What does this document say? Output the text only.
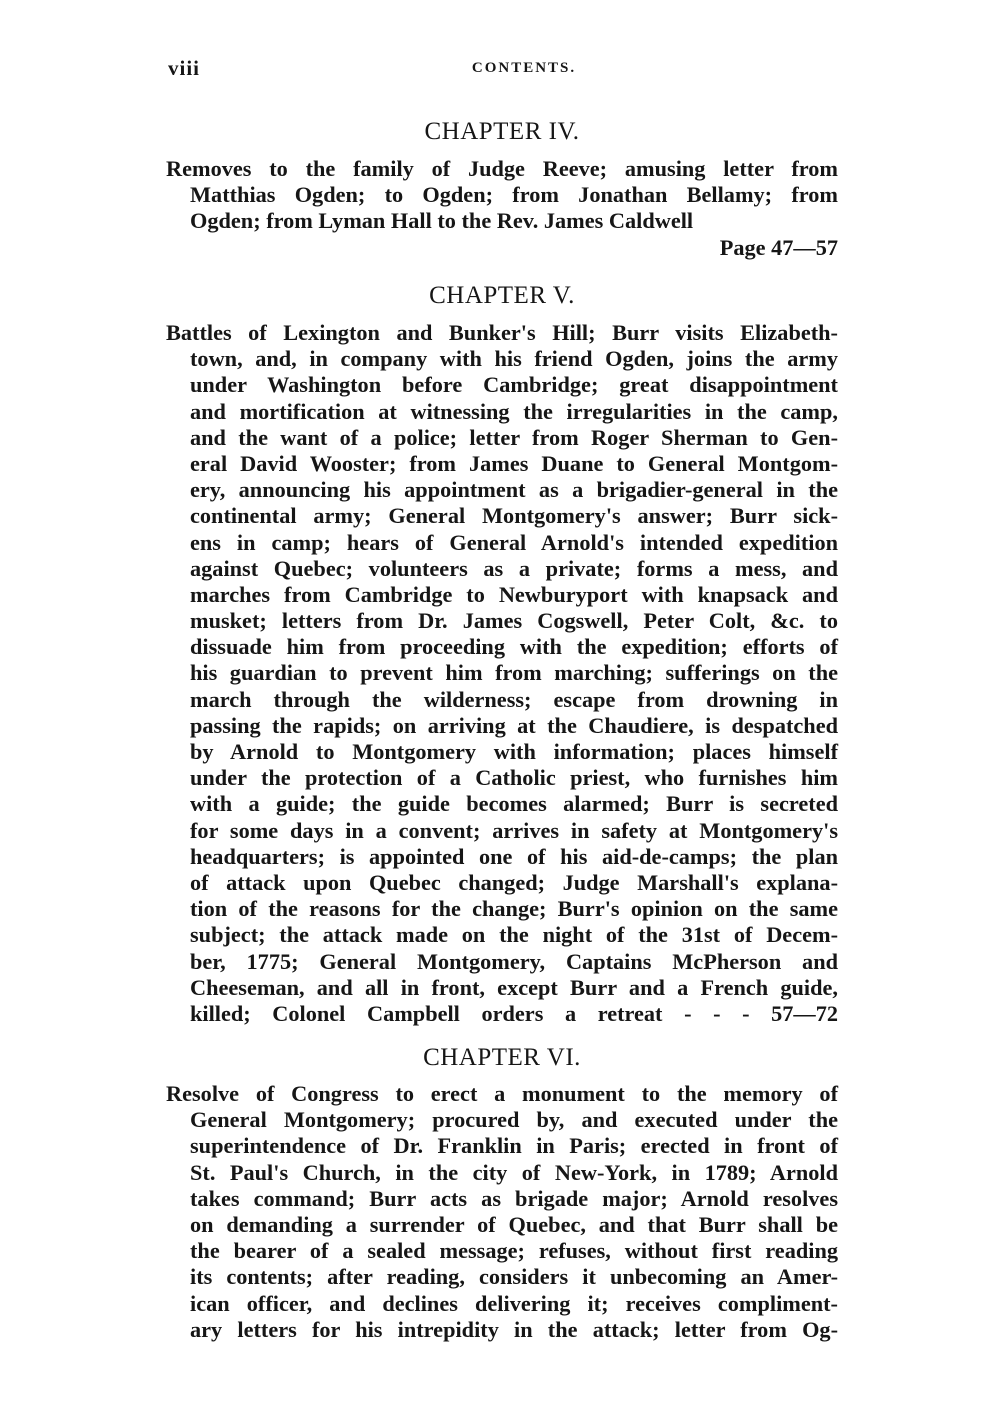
viii	CONTENTS.
CHAPTER IV.
Removes to the family of Judge Reeve; amusing letter from
Matthias Ogden; to Ogden; from Jonathan Bellamy; from
Ogden; from Lyman Hall to the Rev. James Caldwell
Page 47—57
CHAPTER V.
Battles of Lexington and Bunker's Hill; Burr visits Elizabeth-
town, and, in company with his friend Ogden, joins the army
under Washington before Cambridge; great disappointment
and mortification at witnessing the irregularities in the camp,
and the want of a police; letter from Roger Sherman to Gen-
eral David Wooster; from James Duane to General Montgom-
ery, announcing his appointment as a brigadier-general in the
continental army; General Montgomery's answer; Burr sick-
ens in camp; hears of General Arnold's intended expedition
against Quebec; volunteers as a private; forms a mess, and
marches from Cambridge to Newburyport with knapsack and
musket; letters from Dr. James Cogswell, Peter Colt, &c. to
dissuade him from proceeding with the expedition; efforts of
his guardian to prevent him from marching; sufferings on the
march through the wilderness; escape from drowning in
passing the rapids; on arriving at the Chaudiere, is despatched
by Arnold to Montgomery with information; places himself
under the protection of a Catholic priest, who furnishes him
with a guide; the guide becomes alarmed; Burr is secreted
for some days in a convent; arrives in safety at Montgomery's
headquarters; is appointed one of his aid-de-camps; the plan
of attack upon Quebec changed; Judge Marshall's explana-
tion of the reasons for the change; Burr's opinion on the same
subject; the attack made on the night of the 31st of Decem-
ber, 1775; General Montgomery, Captains McPherson and
Cheeseman, and all in front, except Burr and a French guide,
killed; Colonel Campbell orders a retreat - - - 57—72
CHAPTER VI.
Resolve of Congress to erect a monument to the memory of
General Montgomery; procured by, and executed under the
superintendence of Dr. Franklin in Paris; erected in front of
St. Paul's Church, in the city of New-York, in 1789; Arnold
takes command; Burr acts as brigade major; Arnold resolves
on demanding a surrender of Quebec, and that Burr shall be
the bearer of a sealed message; refuses, without first reading
its contents; after reading, considers it unbecoming an Amer-
ican officer, and declines delivering it; receives compliment-
ary letters for his intrepidity in the attack; letter from Og-
